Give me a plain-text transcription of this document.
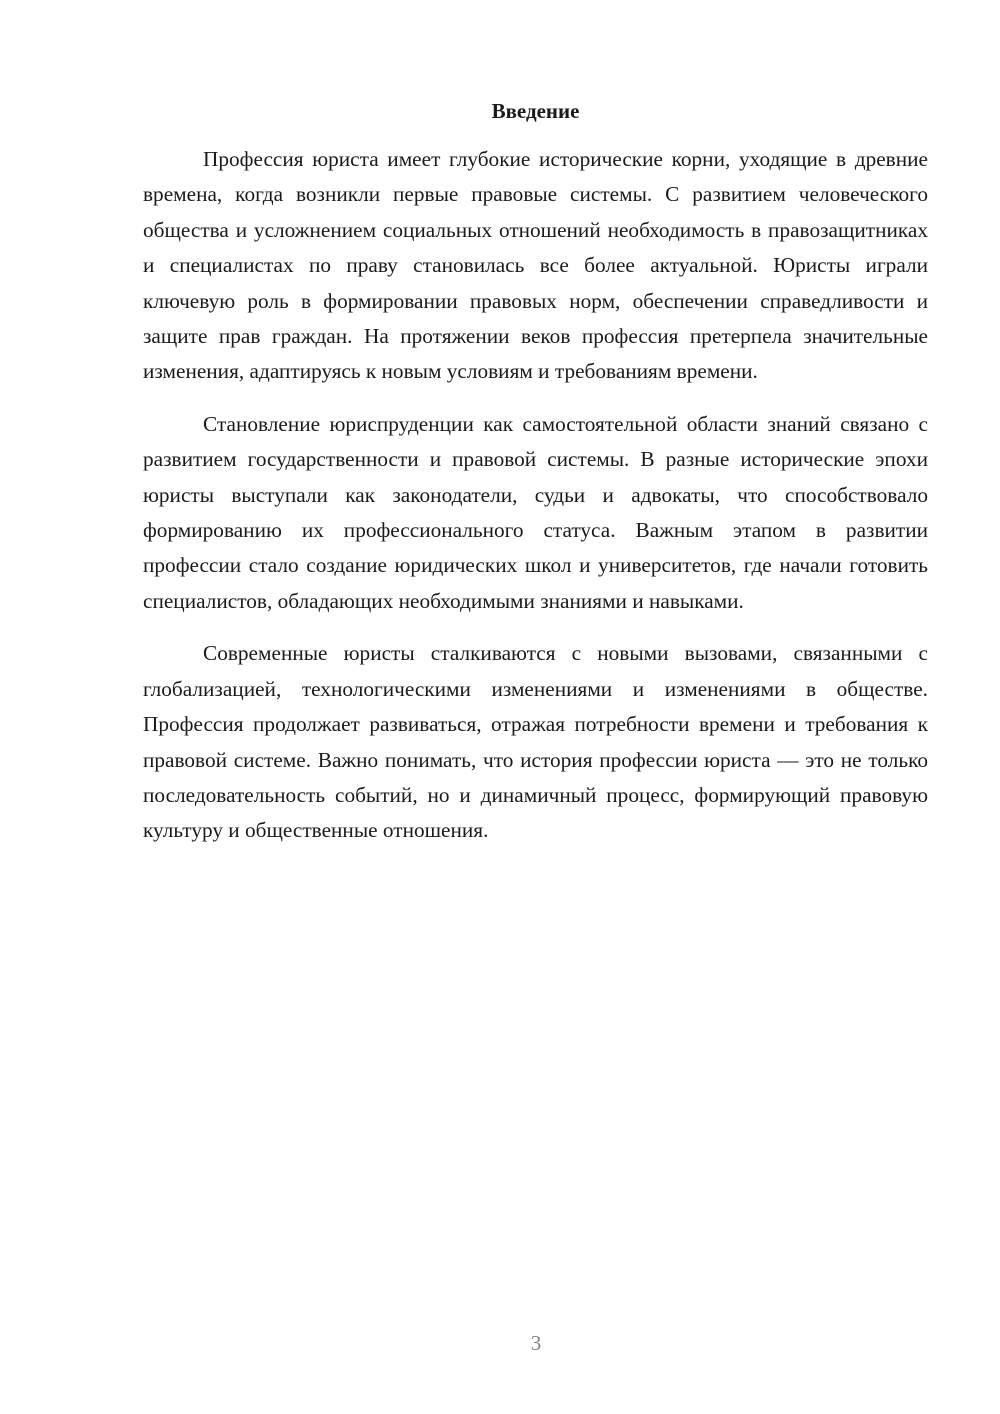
Введение

Профессия юриста имеет глубокие исторические корни, уходящие в древние времена, когда возникли первые правовые системы. С развитием человеческого общества и усложнением социальных отношений необходимость в правозащитниках и специалистах по праву становилась все более актуальной. Юристы играли ключевую роль в формировании правовых норм, обеспечении справедливости и защите прав граждан. На протяжении веков профессия претерпела значительные изменения, адаптируясь к новым условиям и требованиям времени.

Становление юриспруденции как самостоятельной области знаний связано с развитием государственности и правовой системы. В разные исторические эпохи юристы выступали как законодатели, судьи и адвокаты, что способствовало формированию их профессионального статуса. Важным этапом в развитии профессии стало создание юридических школ и университетов, где начали готовить специалистов, обладающих необходимыми знаниями и навыками.

Современные юристы сталкиваются с новыми вызовами, связанными с глобализацией, технологическими изменениями и изменениями в обществе. Профессия продолжает развиваться, отражая потребности времени и требования к правовой системе. Важно понимать, что история профессии юриста — это не только последовательность событий, но и динамичный процесс, формирующий правовую культуру и общественные отношения.

3
